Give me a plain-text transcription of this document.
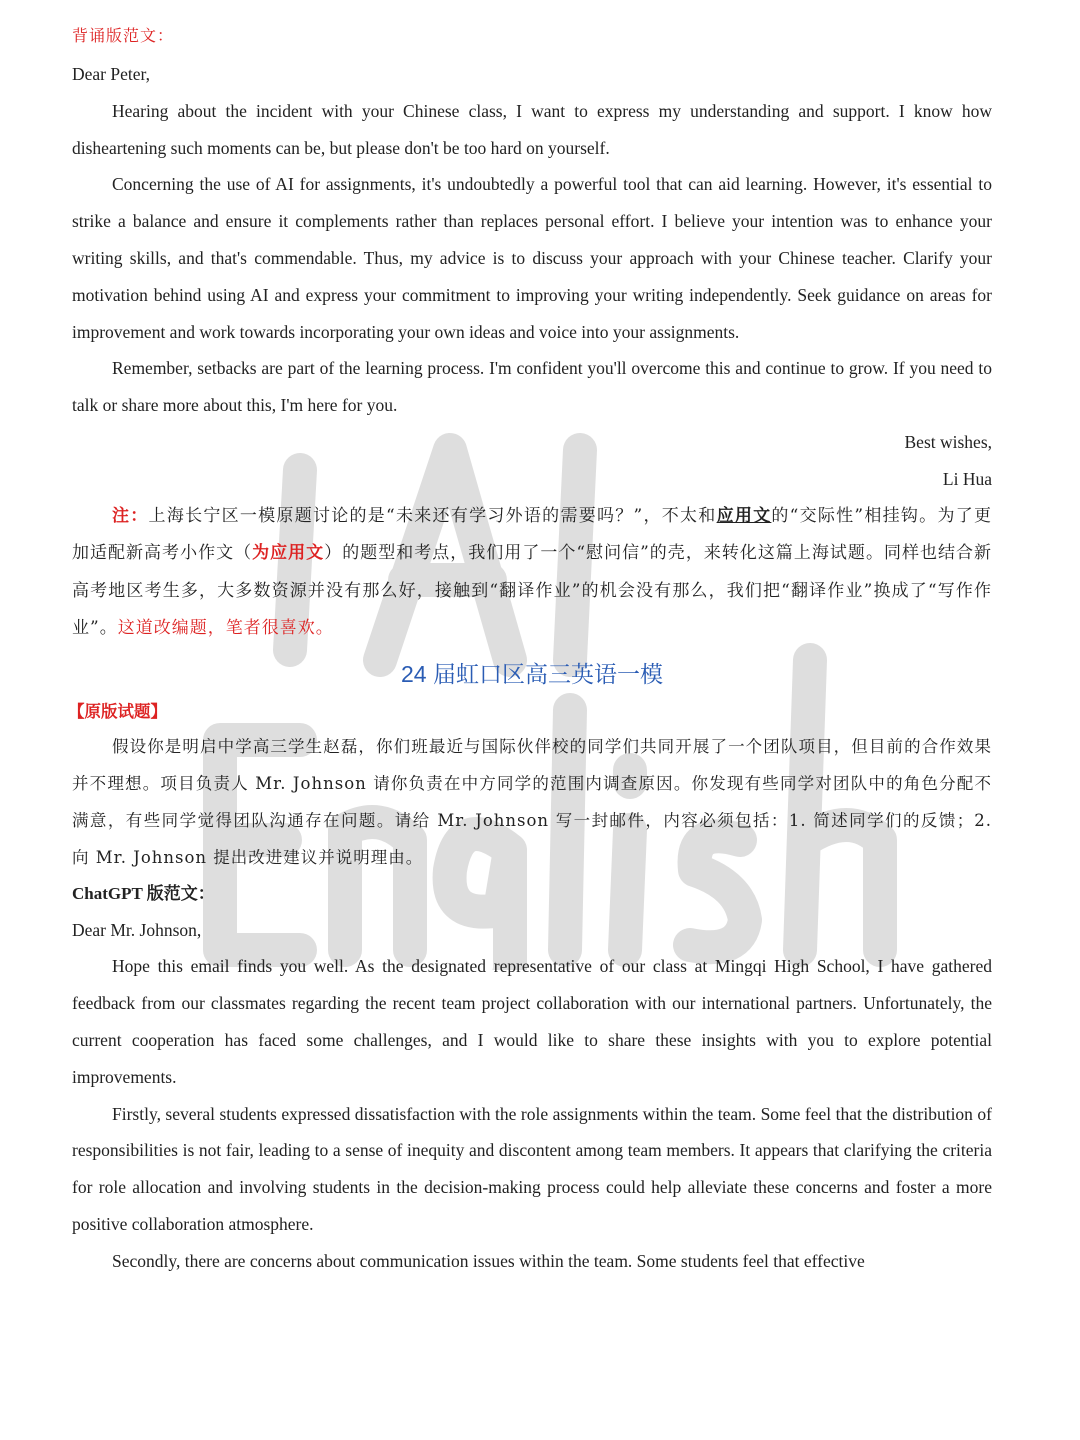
背诵版范文：

Dear Peter,

Hearing about the incident with your Chinese class, I want to express my understanding and support. I know how disheartening such moments can be, but please don't be too hard on yourself.

Concerning the use of AI for assignments, it's undoubtedly a powerful tool that can aid learning. However, it's essential to strike a balance and ensure it complements rather than replaces personal effort. I believe your intention was to enhance your writing skills, and that's commendable. Thus, my advice is to discuss your approach with your Chinese teacher. Clarify your motivation behind using AI and express your commitment to improving your writing independently. Seek guidance on areas for improvement and work towards incorporating your own ideas and voice into your assignments.

Remember, setbacks are part of the learning process. I'm confident you'll overcome this and continue to grow. If you need to talk or share more about this, I'm here for you.

Best wishes,

Li Hua

注：上海长宁区一模原题讨论的是“未来还有学习外语的需要吗？”，不太和应用文的“交际性”相挂钩。为了更加适配新高考小作文（为应用文）的题型和考点，我们用了一个“慰问信”的壳，来转化这篇上海试题。同样也结合新高考地区考生多，大多数资源并没有那么好，接触到“翻译作业”的机会没有那么，我们把“翻译作业”换成了“写作作业”。这道改编题，笔者很喜欢。

24 届虹口区高三英语一模

【原版试题】

假设你是明启中学高三学生赵磊，你们班最近与国际伙伴校的同学们共同开展了一个团队项目，但目前的合作效果并不理想。项目负责人 Mr. Johnson 请你负责在中方同学的范围内调查原因。你发现有些同学对团队中的角色分配不满意，有些同学觉得团队沟通存在问题。请给 Mr. Johnson 写一封邮件，内容必须包括：1. 简述同学们的反馈；2. 向 Mr. Johnson 提出改进建议并说明理由。

ChatGPT 版范文：

Dear Mr. Johnson,

Hope this email finds you well. As the designated representative of our class at Mingqi High School, I have gathered feedback from our classmates regarding the recent team project collaboration with our international partners. Unfortunately, the current cooperation has faced some challenges, and I would like to share these insights with you to explore potential improvements.

Firstly, several students expressed dissatisfaction with the role assignments within the team. Some feel that the distribution of responsibilities is not fair, leading to a sense of inequity and discontent among team members. It appears that clarifying the criteria for role allocation and involving students in the decision-making process could help alleviate these concerns and foster a more positive collaboration atmosphere.

Secondly, there are concerns about communication issues within the team. Some students feel that effective
